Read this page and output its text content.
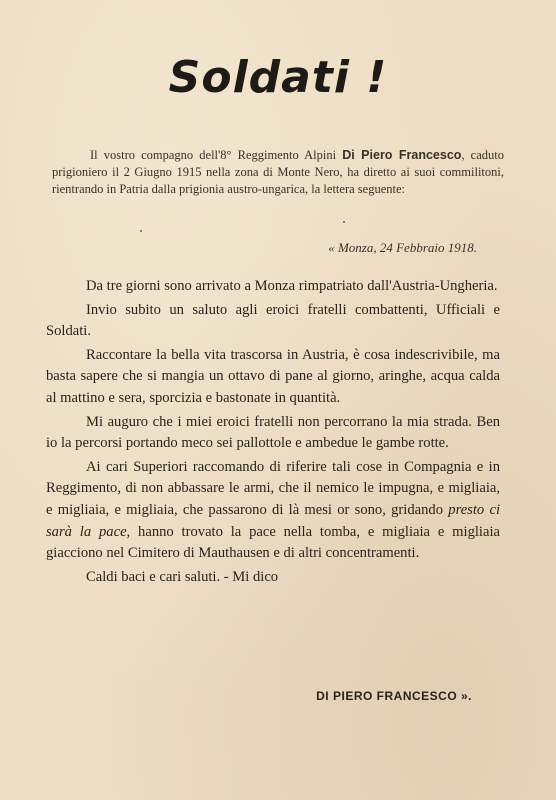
Soldati !
Il vostro compagno dell'8° Reggimento Alpini Di Piero Francesco, caduto prigioniero il 2 Giugno 1915 nella zona di Monte Nero, ha diretto ai suoi commilitoni, rientrando in Patria dalla prigionia austro-ungarica, la lettera seguente:
« Monza, 24 Febbraio 1918.

Da tre giorni sono arrivato a Monza rimpatriato dall'Austria-Ungheria.

Invio subito un saluto agli eroici fratelli combattenti, Ufficiali e Soldati.

Raccontare la bella vita trascorsa in Austria, è cosa indescrivibile, ma basta sapere che si mangia un ottavo di pane al giorno, aringhe, acqua calda al mattino e sera, sporcizia e bastonate in quantità.

Mi auguro che i miei eroici fratelli non percorrano la mia strada. Ben io la percorsi portando meco sei pallottole e ambedue le gambe rotte.

Ai cari Superiori raccomando di riferire tali cose in Compagnia e in Reggimento, di non abbassare le armi, che il nemico le impugna, e migliaia, e migliaia, e migliaia, che passarono di là mesi or sono, gridando presto ci sarà la pace, hanno trovato la pace nella tomba, e migliaia e migliaia giacciono nel Cimitero di Mauthausen e di altri concentramenti.

Caldi baci e cari saluti. - Mi dico

DI PIERO FRANCESCO ».
